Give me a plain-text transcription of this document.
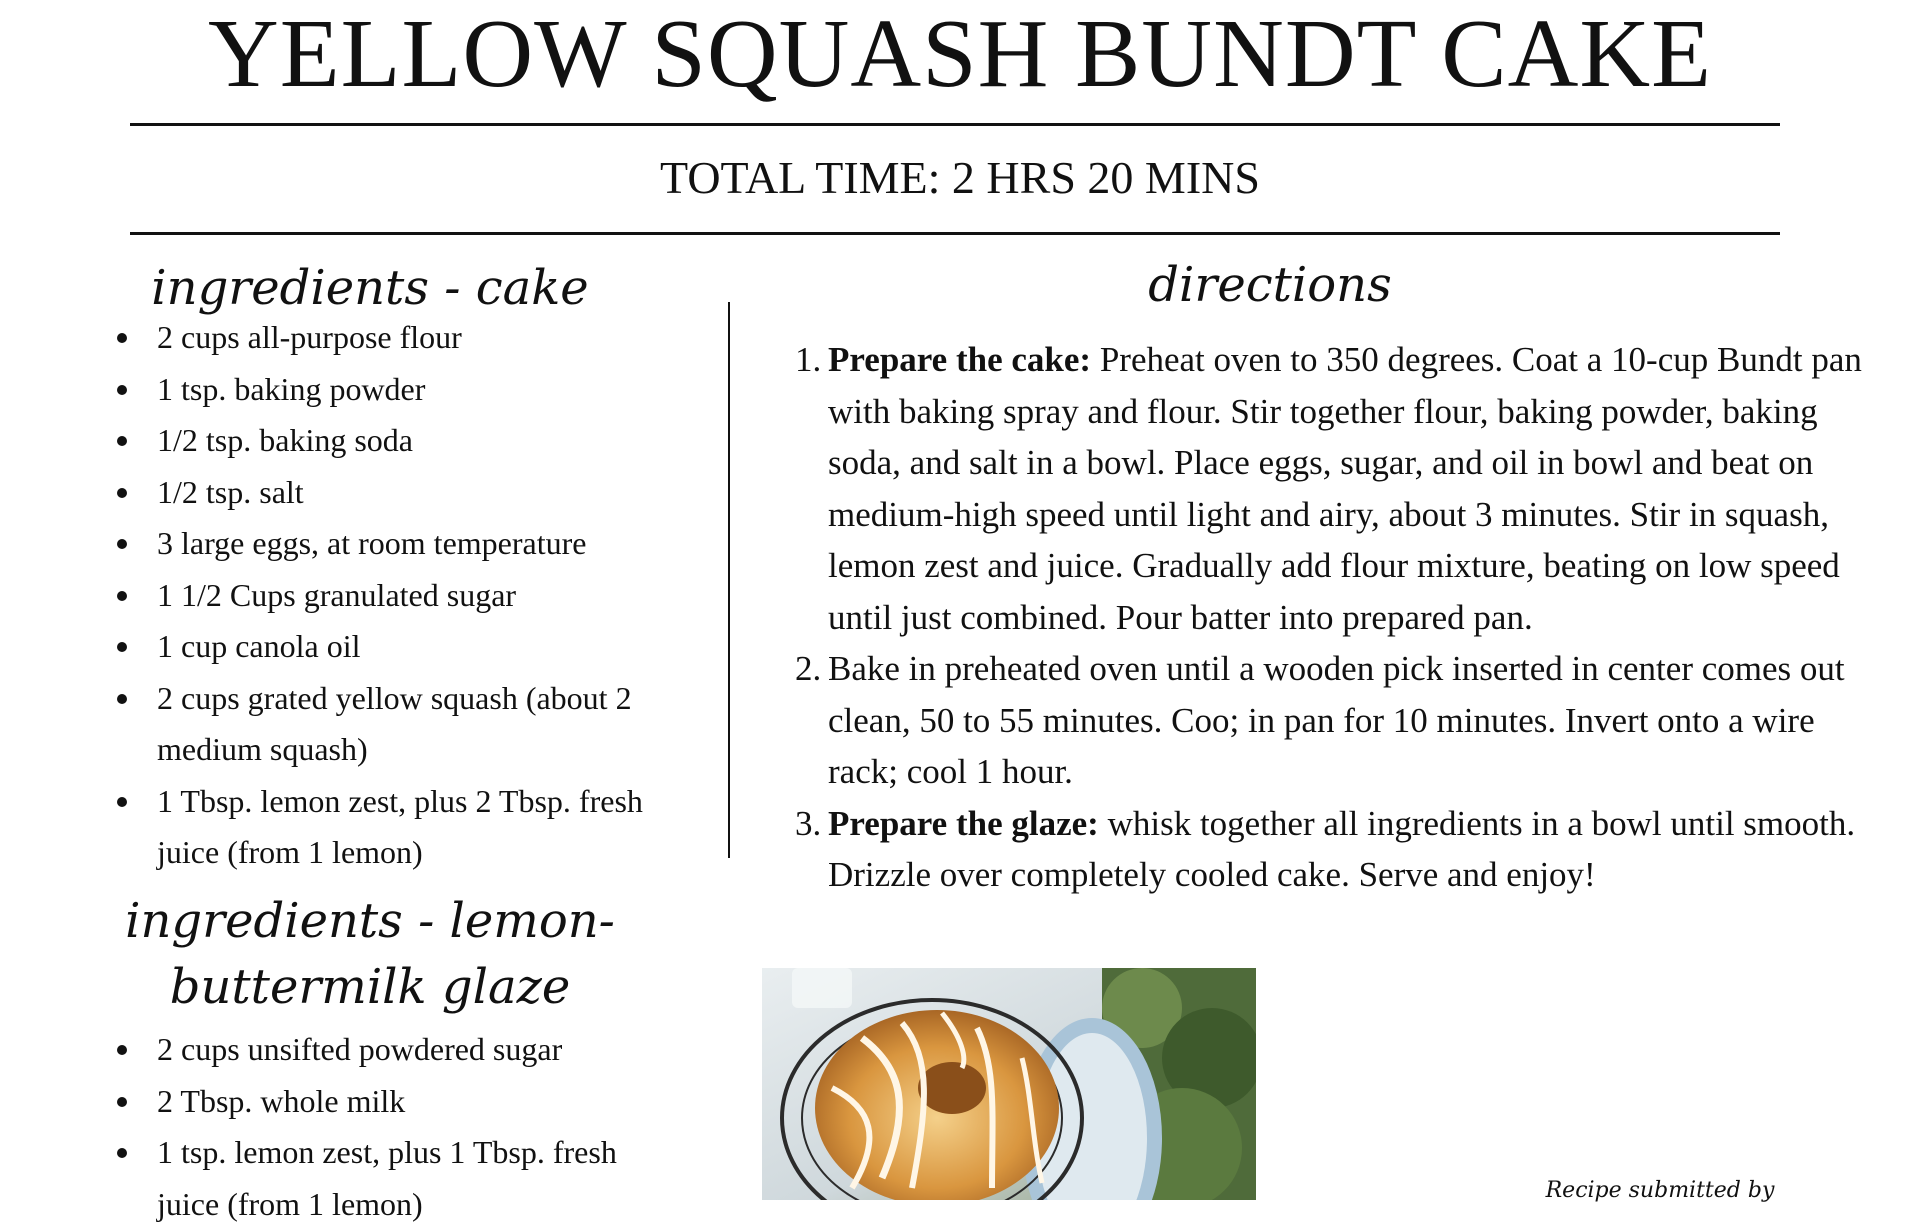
YELLOW SQUASH BUNDT CAKE
TOTAL TIME: 2 HRS 20 MINS
ingredients - cake
2 cups all-purpose flour
1 tsp. baking powder
1/2 tsp. baking soda
1/2 tsp. salt
3 large eggs, at room temperature
1 1/2 Cups granulated sugar
1 cup canola oil
2 cups grated yellow squash (about 2 medium squash)
1 Tbsp. lemon zest, plus 2 Tbsp. fresh juice (from 1 lemon)
ingredients - lemon-buttermilk glaze
2 cups unsifted powdered sugar
2 Tbsp. whole milk
1 tsp. lemon zest, plus 1 Tbsp. fresh juice (from 1 lemon)
directions
1. Prepare the cake: Preheat oven to 350 degrees. Coat a 10-cup Bundt pan with baking spray and flour. Stir together flour, baking powder, baking soda, and salt in a bowl. Place eggs, sugar, and oil in bowl and beat on medium-high speed until light and airy, about 3 minutes. Stir in squash, lemon zest and juice. Gradually add flour mixture, beating on low speed until just combined. Pour batter into prepared pan.
2. Bake in preheated oven until a wooden pick inserted in center comes out clean, 50 to 55 minutes. Coo; in pan for 10 minutes. Invert onto a wire rack; cool 1 hour.
3. Prepare the glaze: whisk together all ingredients in a bowl until smooth. Drizzle over completely cooled cake. Serve and enjoy!
Recipe submitted by
